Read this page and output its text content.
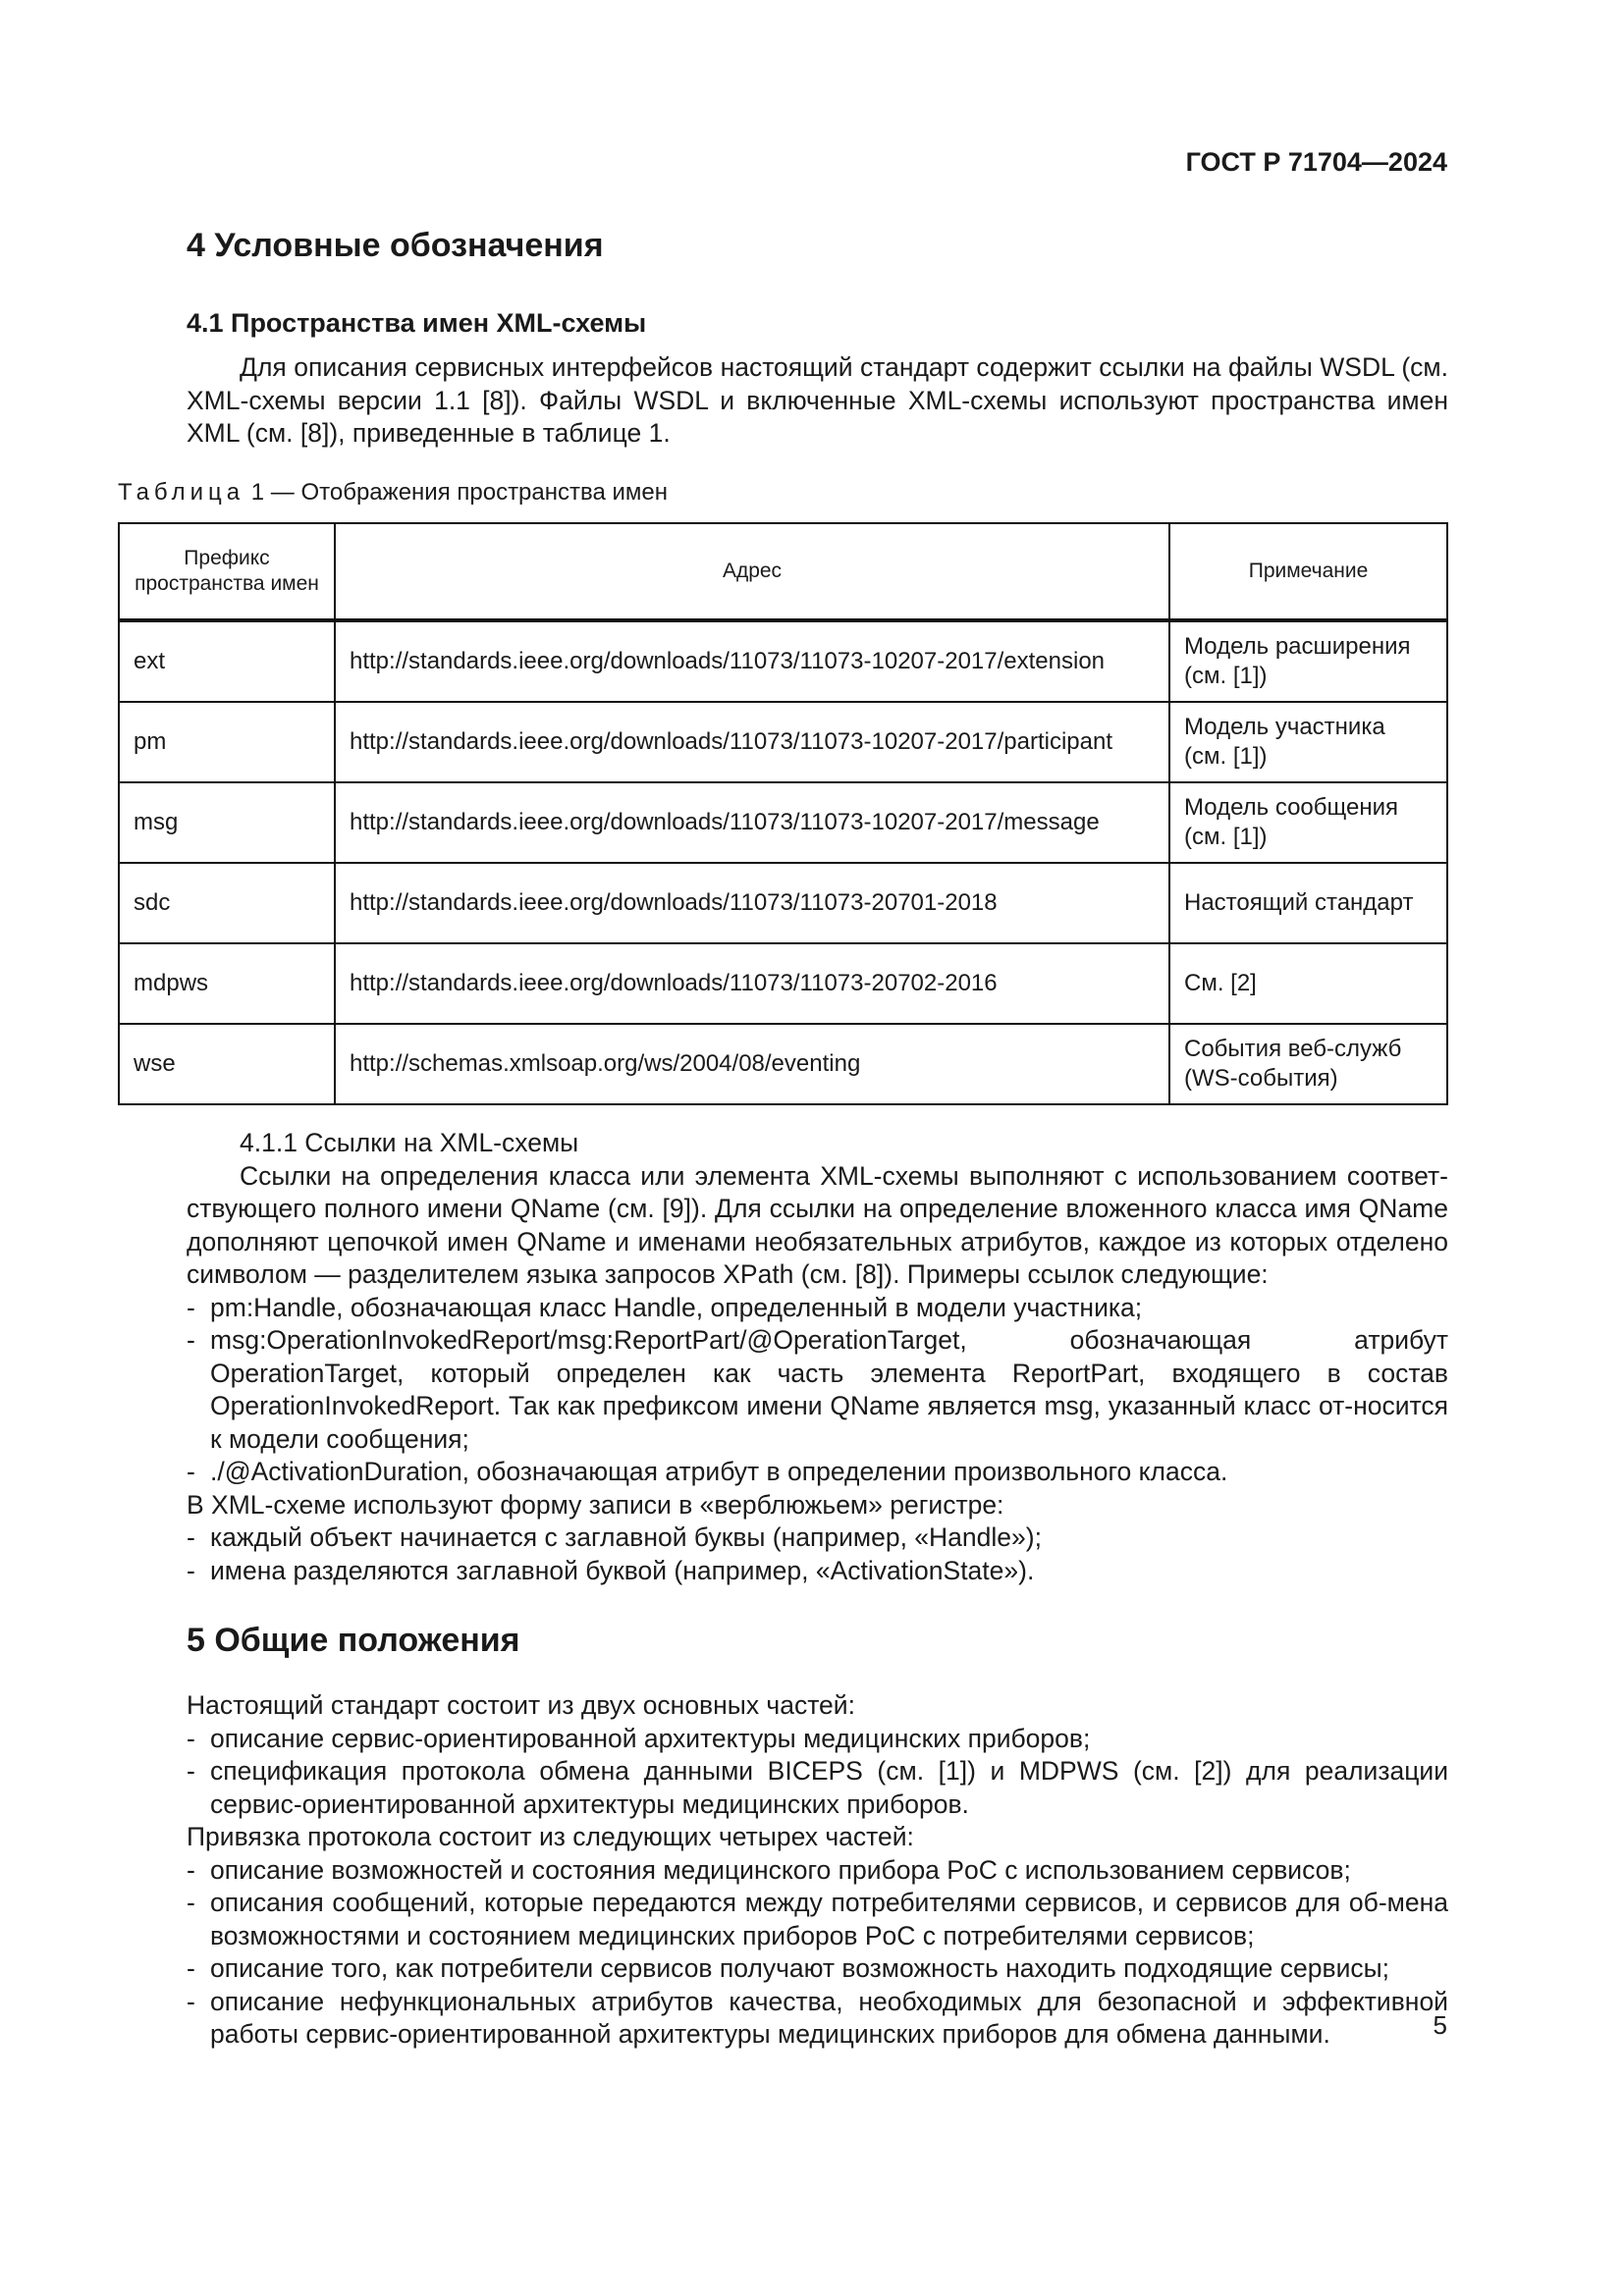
ГОСТ Р 71704—2024
4 Условные обозначения
4.1 Пространства имен XML-схемы

Для описания сервисных интерфейсов настоящий стандарт содержит ссылки на файлы WSDL (см. XML-схемы версии 1.1 [8]). Файлы WSDL и включенные XML-схемы используют пространства имен XML (см. [8]), приведенные в таблице 1.

Таблица 1 — Отображения пространства имен
Префикс пространства имен	Адрес	Примечание
ext	http://standards.ieee.org/downloads/11073/11073-10207-2017/extension	Модель расширения (см. [1])
pm	http://standards.ieee.org/downloads/11073/11073-10207-2017/participant	Модель участника (см. [1])
msg	http://standards.ieee.org/downloads/11073/11073-10207-2017/message	Модель сообщения (см. [1])
sdc	http://standards.ieee.org/downloads/11073/11073-20701-2018	Настоящий стандарт
mdpws	http://standards.ieee.org/downloads/11073/11073-20702-2016	См. [2]
wse	http://schemas.xmlsoap.org/ws/2004/08/eventing	События веб-служб (WS-события)

4.1.1 Ссылки на XML-схемы

Ссылки на определения класса или элемента XML-схемы выполняют с использованием соответ-ствующего полного имени QName (см. [9]). Для ссылки на определение вложенного класса имя QName дополняют цепочкой имен QName и именами необязательных атрибутов, каждое из которых отделено символом — разделителем языка запросов XPath (см. [8]). Примеры ссылок следующие:

- pm:Handle, обозначающая класс Handle, определенный в модели участника;
- msg:OperationInvokedReport/msg:ReportPart/@OperationTarget, обозначающая атрибут OperationTarget, который определен как часть элемента ReportPart, входящего в состав OperationInvokedReport. Так как префиксом имени QName является msg, указанный класс от-носится к модели сообщения;
- ./@ActivationDuration, обозначающая атрибут в определении произвольного класса.

В XML-схеме используют форму записи в «верблюжьем» регистре:

- каждый объект начинается с заглавной буквы (например, «Handle»);
- имена разделяются заглавной буквой (например, «ActivationState»).
5 Общие положения

Настоящий стандарт состоит из двух основных частей:

- описание сервис-ориентированной архитектуры медицинских приборов;
- спецификация протокола обмена данными BICEPS (см. [1]) и MDPWS (см. [2]) для реализации сервис-ориентированной архитектуры медицинских приборов.

Привязка протокола состоит из следующих четырех частей:

- описание возможностей и состояния медицинского прибора PoC с использованием сервисов;
- описания сообщений, которые передаются между потребителями сервисов, и сервисов для об-мена возможностями и состоянием медицинских приборов PoC с потребителями сервисов;
- описание того, как потребители сервисов получают возможность находить подходящие сервисы;
- описание нефункциональных атрибутов качества, необходимых для безопасной и эффективной работы сервис-ориентированной архитектуры медицинских приборов для обмена данными.	5
